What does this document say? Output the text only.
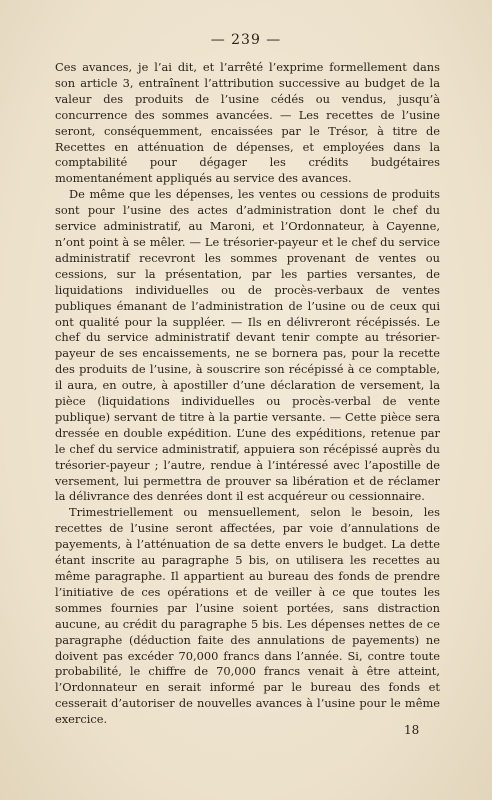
— 239 —

Ces avances, je l’ai dit, et l’arrêté l’exprime formellement dans son article 3, entraînent l’attribution successive au budget de la valeur des produits de l’usine cédés ou vendus, jusqu’à concurrence des sommes avancées. — Les recettes de l’usine seront, conséquemment, encaissées par le Trésor, à titre de Recettes en atténuation de dépenses, et employées dans la comptabilité pour dégager les crédits budgétaires momentanément appliqués au service des avances.

De même que les dépenses, les ventes ou cessions de produits sont pour l’usine des actes d’administration dont le chef du service administratif, au Maroni, et l’Ordonnateur, à Cayenne, n’ont point à se mêler. — Le trésorier-payeur et le chef du service administratif recevront les sommes provenant de ventes ou cessions, sur la présentation, par les parties versantes, de liquidations individuelles ou de procès-verbaux de ventes publiques émanant de l’administration de l’usine ou de ceux qui ont qualité pour la suppléer. — Ils en délivreront récépissés. Le chef du service administratif devant tenir compte au trésorier-payeur de ses encaissements, ne se bornera pas, pour la recette des produits de l’usine, à souscrire son récépissé à ce comptable, il aura, en outre, à apostiller d’une déclaration de versement, la pièce (liquidations individuelles ou procès-verbal de vente publique) servant de titre à la partie versante. — Cette pièce sera dressée en double expédition. L’une des expéditions, retenue par le chef du service administratif, appuiera son récépissé auprès du trésorier-payeur ; l’autre, rendue à l’intéressé avec l’apostille de versement, lui permettra de prouver sa libération et de réclamer la délivrance des denrées dont il est acquéreur ou cessionnaire.

Trimestriellement ou mensuellement, selon le besoin, les recettes de l’usine seront affectées, par voie d’annulations de payements, à l’atténuation de sa dette envers le budget. La dette étant inscrite au paragraphe 5 bis, on utilisera les recettes au même paragraphe. Il appartient au bureau des fonds de prendre l’initiative de ces opérations et de veiller à ce que toutes les sommes fournies par l’usine soient portées, sans distraction aucune, au crédit du paragraphe 5 bis. Les dépenses nettes de ce paragraphe (déduction faite des annulations de payements) ne doivent pas excéder 70,000 francs dans l’année. Si, contre toute probabilité, le chiffre de 70,000 francs venait à être atteint, l’Ordonnateur en serait informé par le bureau des fonds et cesserait d’autoriser de nouvelles avances à l’usine pour le même exercice.

18
